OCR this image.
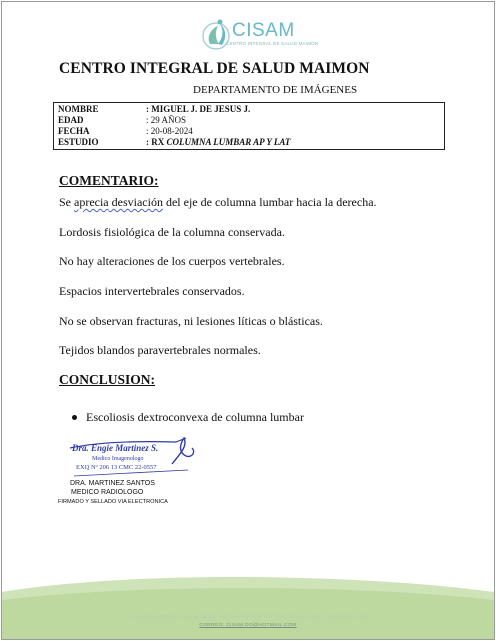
CISAM
CENTRO INTEGRAL DE SALUD MAIMON
CENTRO INTEGRAL DE SALUD MAIMON
DEPARTAMENTO DE IMÁGENES
NOMBRE	: MIGUEL J. DE JESUS J.
EDAD	: 29 AÑOS
FECHA	: 20-08-2024
ESTUDIO	: RX COLUMNA LUMBAR AP Y LAT
COMENTARIO:
Se aprecia desviación del eje de columna lumbar hacia la derecha.
Lordosis fisiológica de la columna conservada.
No hay alteraciones de los cuerpos vertebrales.
Espacios intervertebrales conservados.
No se observan fracturas, ni lesiones líticas o blásticas.
Tejidos blandos paravertebrales normales.
CONCLUSION:
Escoliosis dextroconvexa de columna lumbar
Dra. Engie Martinez S.
Medico Imagenologo
EXQ Nº 206 13 CMC 22-0557
DRA. MARTINEZ SANTOS
MEDICO RADIOLOGO
FIRMADO Y SELLADO VIA ELECTRONICA
CALLE DUARTE NO. 15, MAIMÓN, BONAO, REPUBLICA DOMINICANA, TEL.: (809)-551-2186
CORREO: CISAM.DO@HOTMAIL.COM
